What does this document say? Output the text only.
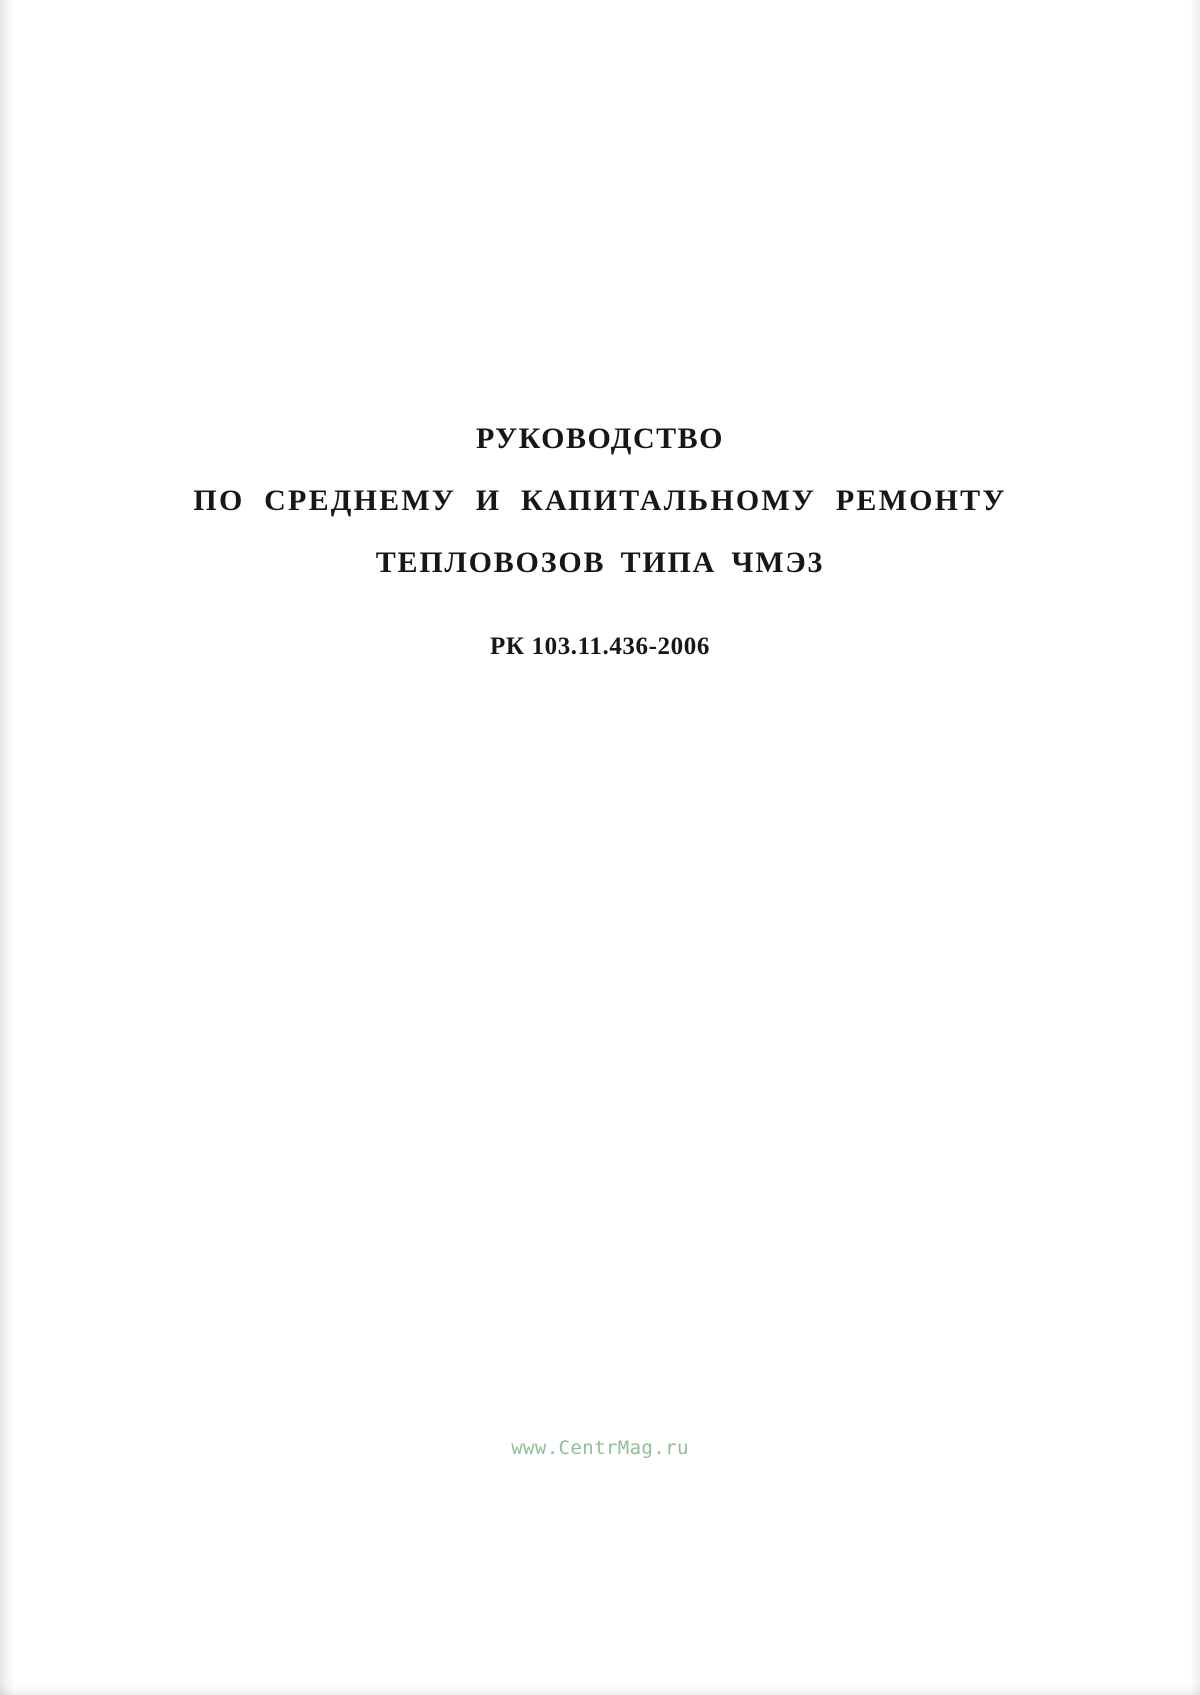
РУКОВОДСТВО
ПО СРЕДНЕМУ И КАПИТАЛЬНОМУ РЕМОНТУ
ТЕПЛОВОЗОВ ТИПА ЧМЭ3
РК 103.11.436-2006
www.CentrMag.ru
